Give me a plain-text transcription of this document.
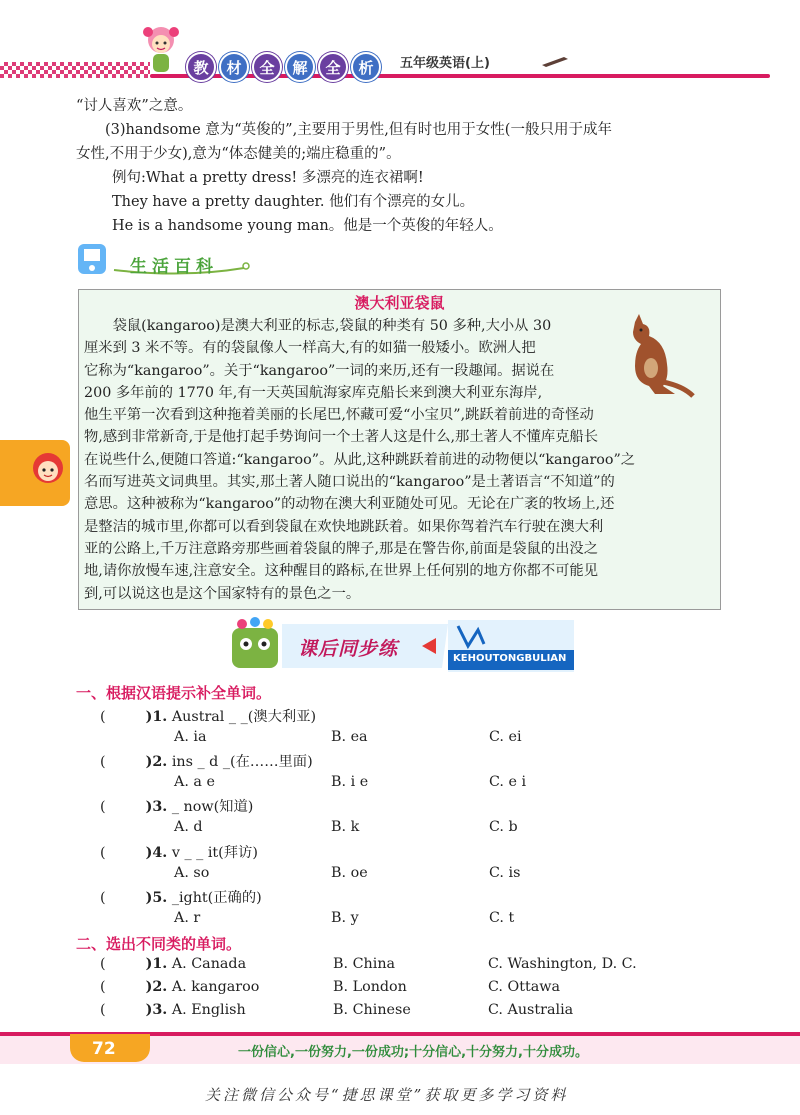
教	材	全	解	全	析	五年级英语(上)

“讨人喜欢”之意。

(3)handsome 意为“英俊的”,主要用于男性,但有时也用于女性(一般只用于成年

女性,不用于少女),意为“体态健美的;端庄稳重的”。

例句:What a pretty dress! 多漂亮的连衣裙啊!

They have a pretty daughter. 他们有个漂亮的女儿。

He is a handsome young man。他是一个英俊的年轻人。

生活百科
澳大利亚袋鼠
袋鼠(kangaroo)是澳大利亚的标志,袋鼠的种类有 50 多种,大小从 30
厘米到 3 米不等。有的袋鼠像人一样高大,有的如猫一般矮小。欧洲人把
它称为“kangaroo”。关于“kangaroo”一词的来历,还有一段趣闻。据说在
200 多年前的 1770 年,有一天英国航海家库克船长来到澳大利亚东海岸,
他生平第一次看到这种拖着美丽的长尾巴,怀藏可爱“小宝贝”,跳跃着前进的奇怪动
物,感到非常新奇,于是他打起手势询问一个土著人这是什么,那土著人不懂库克船长
在说些什么,便随口答道:“kangaroo”。从此,这种跳跃着前进的动物便以“kangaroo”之
名而写进英文词典里。其实,那土著人随口说出的“kangaroo”是土著语言“不知道”的
意思。这种被称为“kangaroo”的动物在澳大利亚随处可见。无论在广袤的牧场上,还
是整洁的城市里,你都可以看到袋鼠在欢快地跳跃着。如果你驾着汽车行驶在澳大利
亚的公路上,千万注意路旁那些画着袋鼠的牌子,那是在警告你,前面是袋鼠的出没之
地,请你放慢车速,注意安全。这种醒目的路标,在世界上任何别的地方你都不可能见
到,可以说这也是这个国家特有的景色之一。
课后同步练	KEHOUTONGBULIAN
一、根据汉语提示补全单词。
(	)1. Austral _ _(澳大利亚)
A. ia	B. ea	C. ei
(	)2. ins _ d _(在……里面)
A. a e	B. i e	C. e i
(	)3. _ now(知道)
A. d	B. k	C. b
(	)4. v _ _ it(拜访)
A. so	B. oe	C. is
(	)5. _ight(正确的)
A. r	B. y	C. t
二、选出不同类的单词。
(	)1. A. Canada	B. China	C. Washington, D. C.
(	)2. A. kangaroo	B. London	C. Ottawa
(	)3. A. English	B. Chinese	C. Australia
72	一份信心,一份努力,一份成功;十分信心,十分努力,十分成功。
关注微信公众号“捷思课堂”获取更多学习资料
